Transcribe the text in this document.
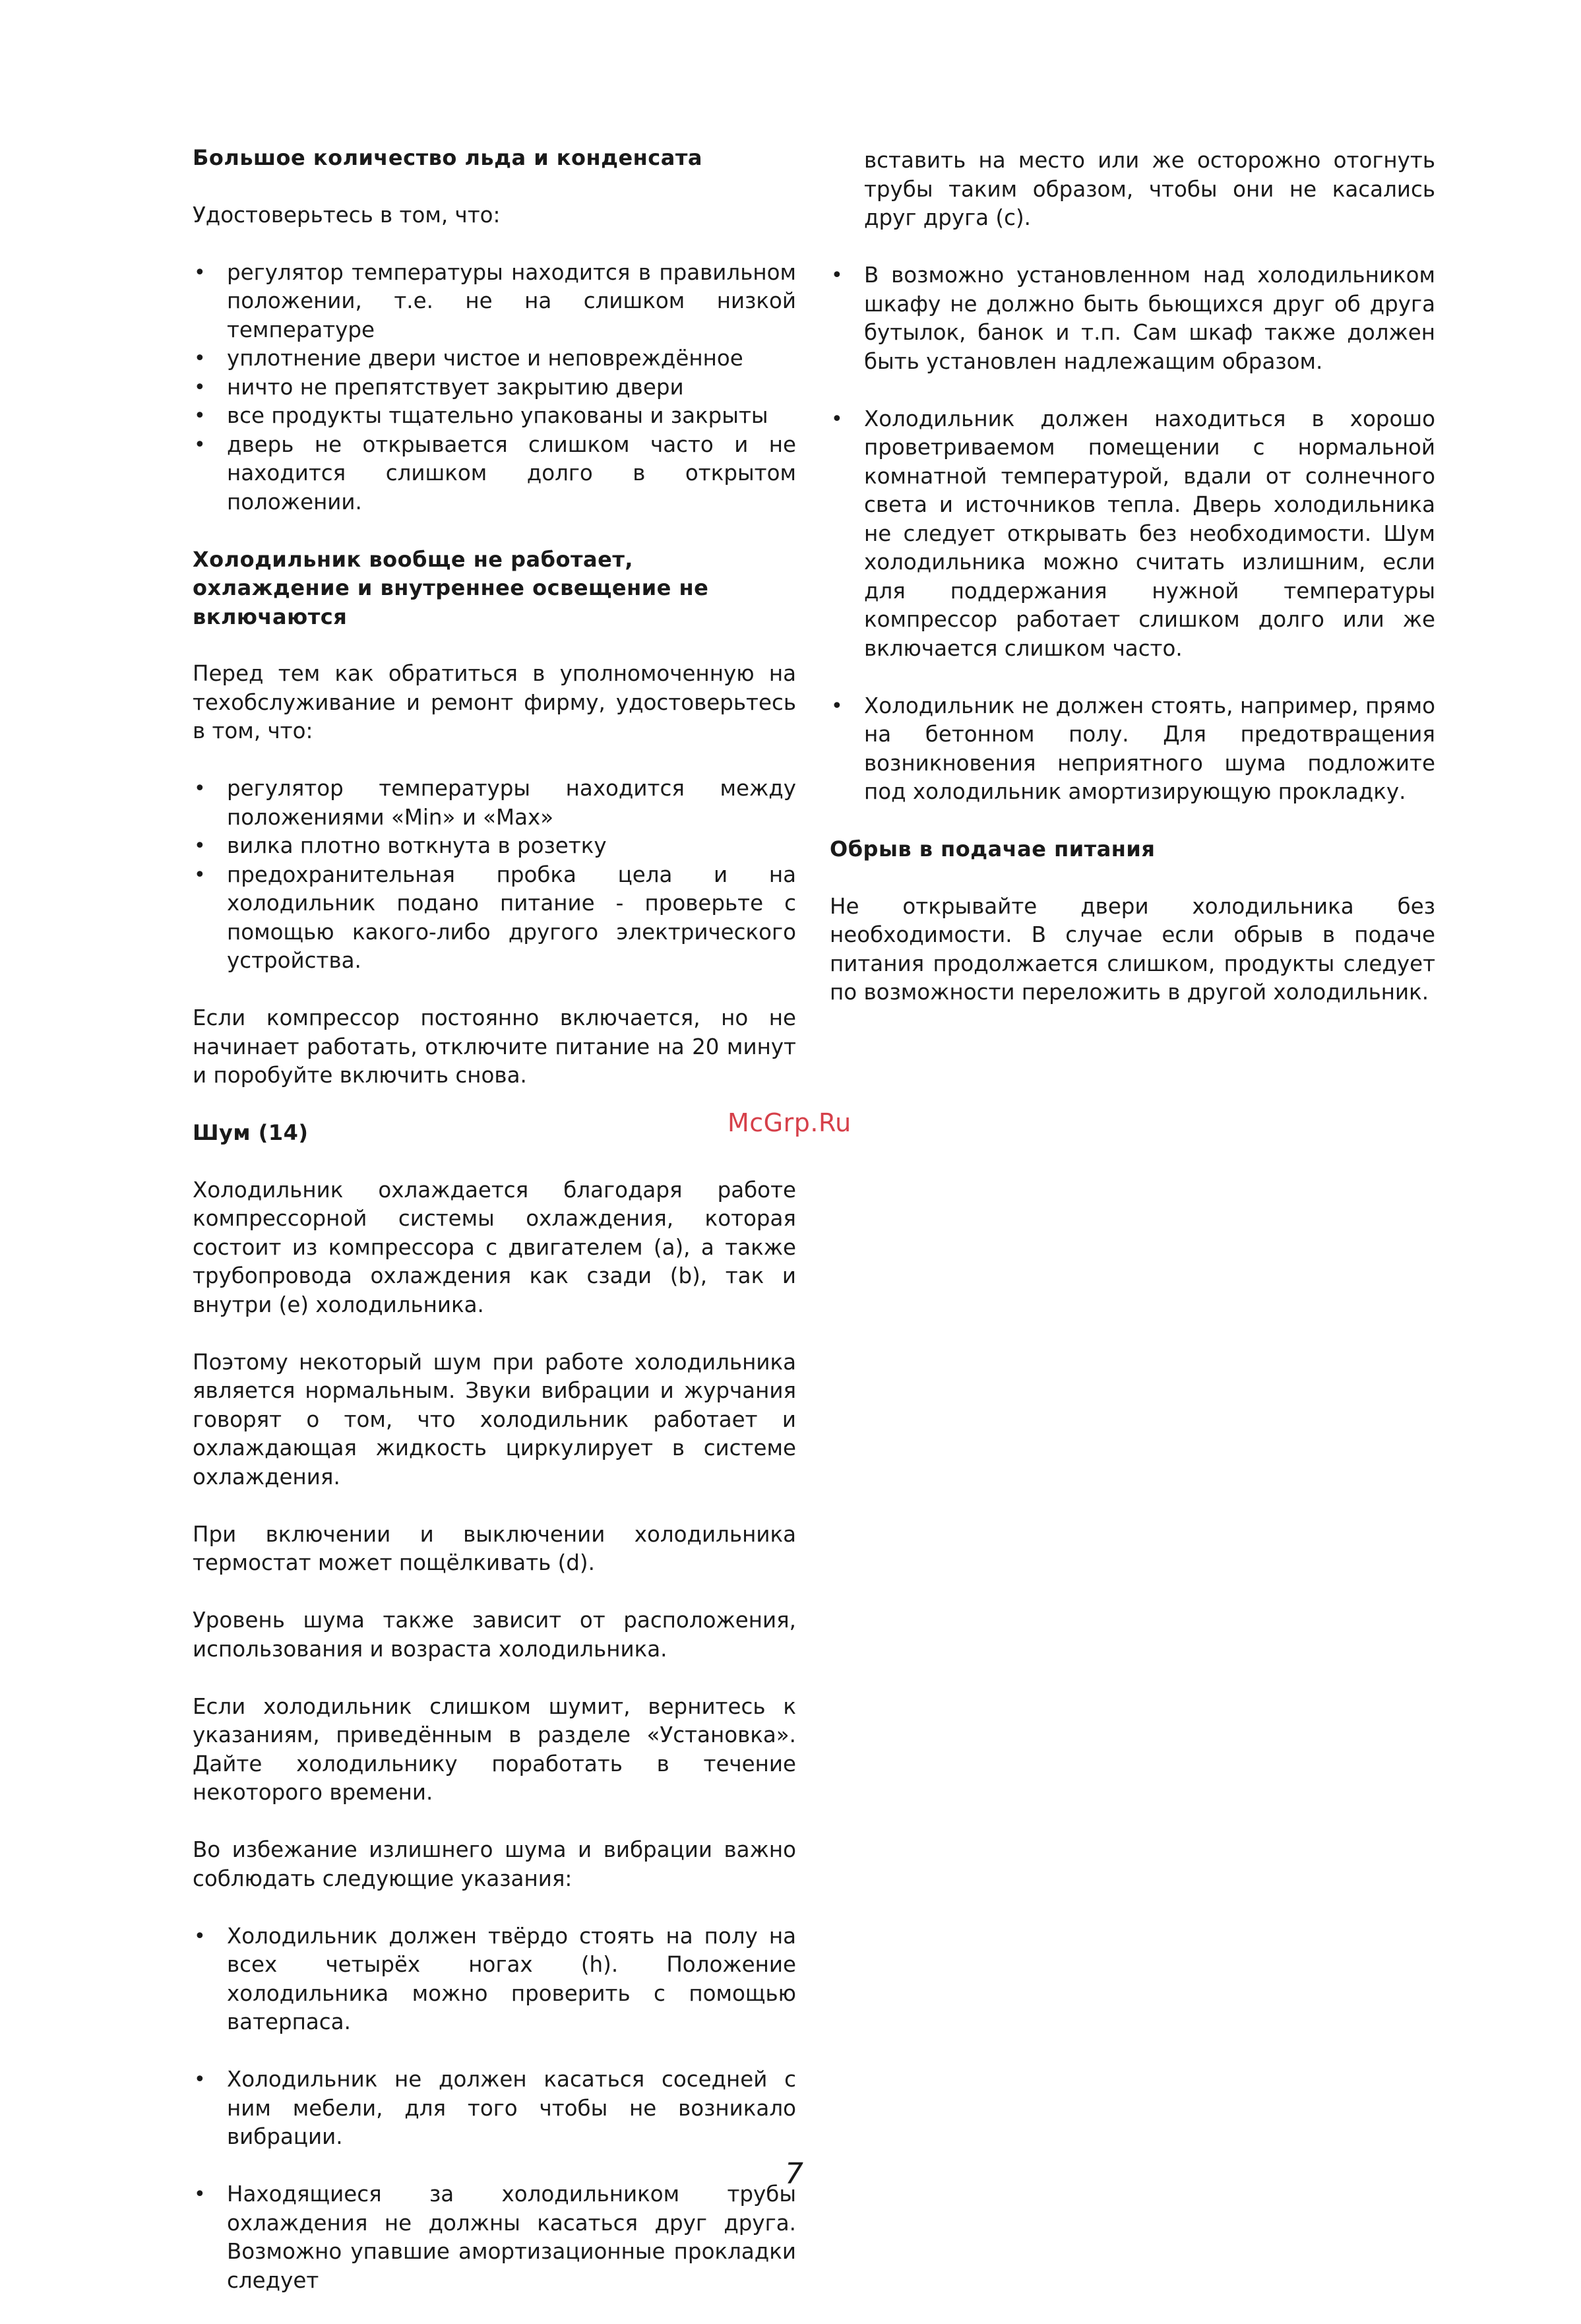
Большое количество льда и конденсата

Удостоверьтесь в том, что:

• регулятор температуры находится в правильном положении, т.е. не на слишком низкой температуре
• уплотнение двери чистое и неповреждённое
• ничто не препятствует закрытию двери
• все продукты тщательно упакованы и закрыты
• дверь не открывается слишком часто и не находится слишком долго в открытом положении.
Холодильник вообще не работает, охлаждение и внутреннее освещение не включаются

Перед тем как обратиться в уполномоченную на техобслуживание и ремонт фирму, удостоверьтесь в том, что:

• регулятор температуры находится между положениями «Min» и «Max»
• вилка плотно воткнута в розетку
• предохранительная пробка цела и на холодильник подано питание - проверьте с помощью какого-либо другого электрического устройства.

Если компрессор постоянно включается, но не начинает работать, отключите питание на 20 минут и поробуйте включить снова.

Шум (14)

Холодильник охлаждается благодаря работе компрессорной системы охлаждения, которая состоит из компрессора с двигателем (a), а также трубопровода охлаждения как сзади (b), так и внутри (e) холодильника.

Поэтому некоторый шум при работе холодильника является нормальным. Звуки вибрации и журчания говорят о том, что холодильник работает и охлаждающая жидкость циркулирует в системе охлаждения.

При включении и выключении холодильника термостат может пощёлкивать (d).

Уровень шума также зависит от расположения, использования и возраста холодильника.

Если холодильник слишком шумит, вернитесь к указаниям, приведённым в разделе «Установка». Дайте холодильнику поработать в течение некоторого времени.

Во избежание излишнего шума и вибрации важно соблюдать следующие указания:

• Холодильник должен твёрдо стоять на полу на всех четырёх ногах (h). Положение холодильника можно проверить с помощью ватерпаса.
• Холодильник не должен касаться соседней с ним мебели, для того чтобы не возникало вибрации.
• Находящиеся за холодильником трубы охлаждения не должны касаться друг друга. Возможно упавшие амортизационные прокладки следует
вставить на место или же осторожно отогнуть трубы таким образом, чтобы они не касались друг друга (c).
• В возможно установленном над холодильником шкафу не должно быть бьющихся друг об друга бутылок, банок и т.п. Сам шкаф также должен быть установлен надлежащим образом.
• Холодильник должен находиться в хорошо проветриваемом помещении с нормальной комнатной температурой, вдали от солнечного света и источников тепла. Дверь холодильника не следует открывать без необходимости. Шум холодильника можно считать излишним, если для поддержания нужной температуры компрессор работает слишком долго или же включается слишком часто.
• Холодильник не должен стоять, например, прямо на бетонном полу. Для предотвращения возникновения неприятного шума подложите под холодильник амортизирующую прокладку.
Обрыв в подачае питания

Не открывайте двери холодильника без необходимости. В случае если обрыв в подаче питания продолжается слишком, продукты следует по возможности переложить в другой холодильник.

McGrp.Ru
7
